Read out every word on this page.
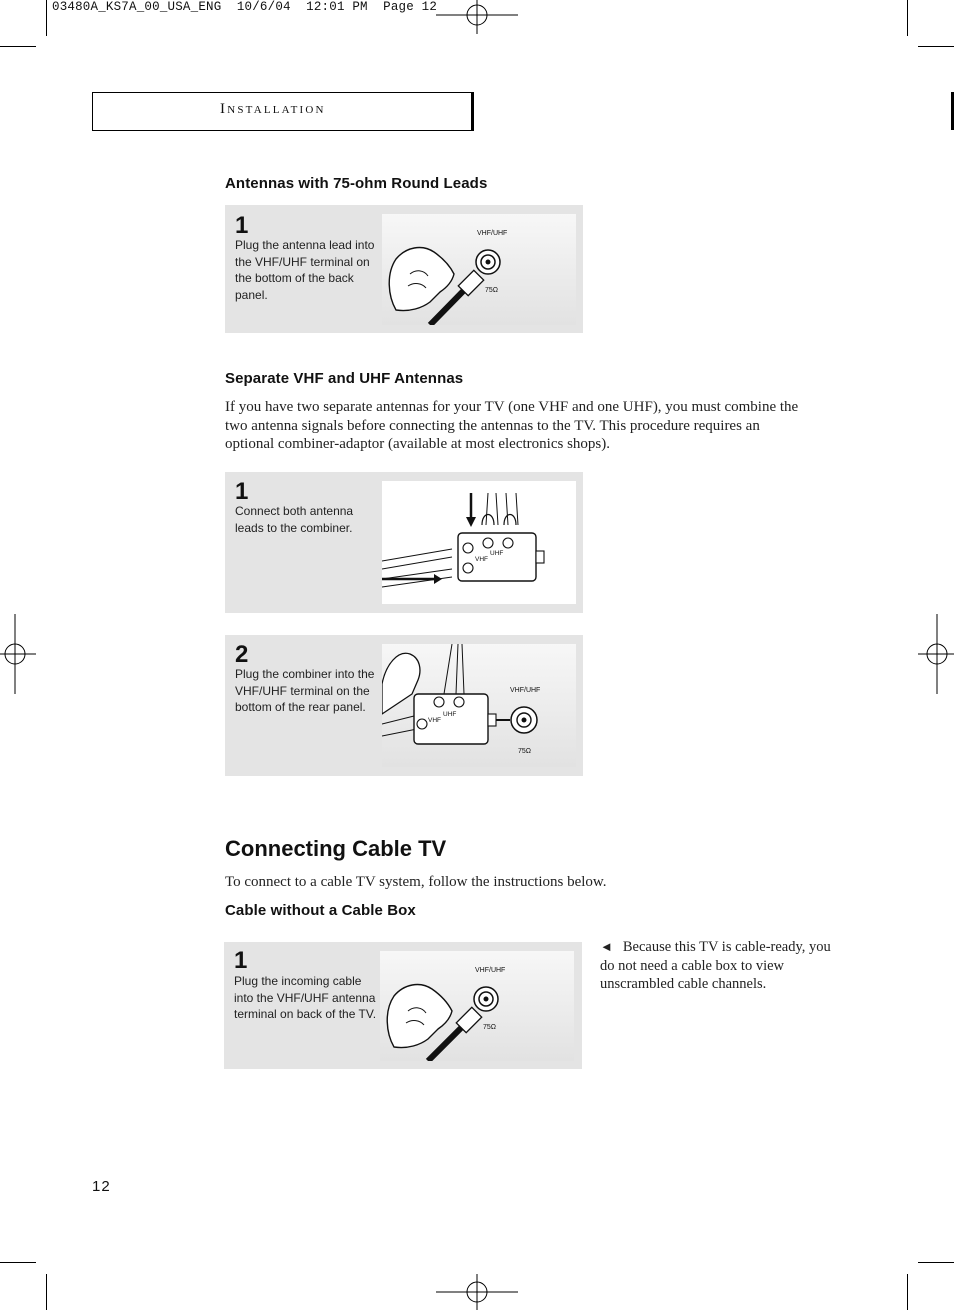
03480A_KS7A_00_USA_ENG  10/6/04  12:01 PM  Page 12
Installation
Antennas with 75-ohm Round Leads
1
Plug the antenna lead into the VHF/UHF terminal on the bottom of the back panel.
VHF/UHF
75Ω
Separate VHF and UHF Antennas
If you have two separate antennas for your TV (one VHF and one UHF), you must combine the two antenna signals before connecting the antennas to the TV. This procedure requires an optional combiner-adaptor (available at most electronics shops).
1
Connect both antenna leads to the combiner.
VHF
UHF
2
Plug the combiner into the VHF/UHF terminal on the bottom of the rear panel.
VHF
UHF
VHF/UHF
75Ω
Connecting Cable TV
To connect to a cable TV system, follow the instructions below.
Cable without a Cable Box
1
Plug the incoming cable into the VHF/UHF antenna terminal on back of the TV.
VHF/UHF
75Ω
◄ Because this TV is cable-ready, you do not need a cable box to view unscrambled cable channels.
12
